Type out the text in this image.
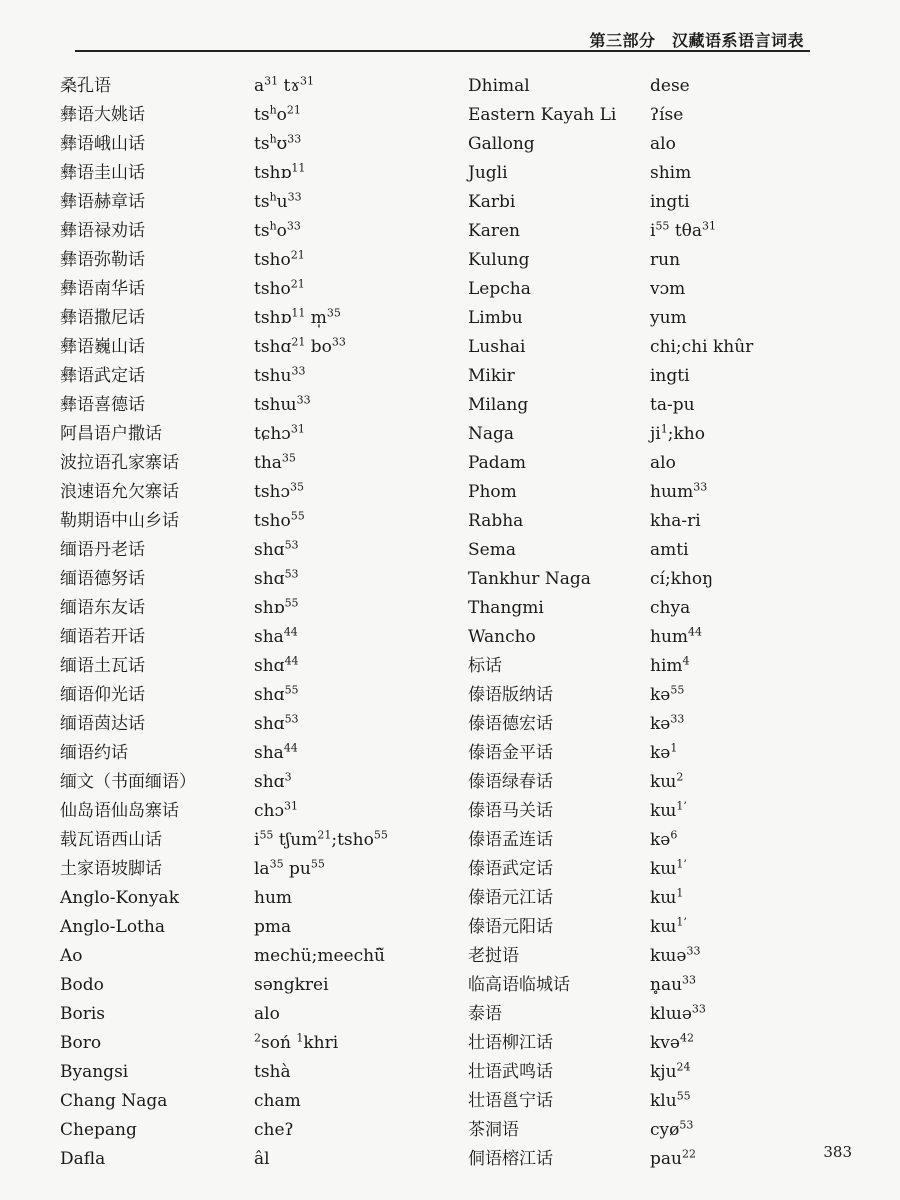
第三部分　汉藏语系语言词表
桑孔语
彝语大姚话
彝语峨山话
彝语圭山话
彝语赫章话
彝语禄劝话
彝语弥勒话
彝语南华话
彝语撒尼话
彝语巍山话
彝语武定话
彝语喜德话
阿昌语户撒话
波拉语孔家寨话
浪速语允欠寨话
勒期语中山乡话
缅语丹老话
缅语德努话
缅语东友话
缅语若开话
缅语土瓦话
缅语仰光话
缅语茵达话
缅语约话
缅文（书面缅语）
仙岛语仙岛寨话
载瓦语西山话
土家语坡脚话
Anglo-Konyak
Anglo-Lotha
Ao
Bodo
Boris
Boro
Byangsi
Chang Naga
Chepang
Dafla
$a^{31}$ tɤ$^{31}$
$ts^ho^{21}$
$ts^hʊ^{33}$
tshɒ$^{11}$
$ts^hu^{33}$
$ts^ho^{33}$
tsho$^{21}$
tsho$^{21}$
tshɒ$^{11}$ m̩$^{35}$
tshɑ$^{21}$ $bo^{33}$
tshu$^{33}$
tshɯ$^{33}$
tɕhɔ$^{31}$
tha$^{35}$
tshɔ$^{35}$
tsho$^{55}$
shɑ$^{53}$
shɑ$^{53}$
shɒ$^{55}$
sha$^{44}$
shɑ$^{44}$
shɑ$^{55}$
shɑ$^{53}$
sha$^{44}$
shɑ$^3$
chɔ$^{31}$
$i^{55}$ tʃum$^{21}$;tsho$^{55}$
$la^{35}$ $pu^{55}$
hum
pma
mechü;meechü̃
səngkrei
alo
$^2$soń $^1$khri
tshà
cham
cheʔ
âl
Dhimal
Eastern Kayah Li
Gallong
Jugli
Karbi
Karen
Kulung
Lepcha
Limbu
Lushai
Mikir
Milang
Naga
Padam
Phom
Rabha
Sema
Tankhur Naga
Thangmi
Wancho
标话
傣语版纳话
傣语德宏话
傣语金平话
傣语绿春话
傣语马关话
傣语孟连话
傣语武定话
傣语元江话
傣语元阳话
老挝语
临高语临城话
泰语
壮语柳江话
壮语武鸣话
壮语邕宁话
茶洞语
侗语榕江话
dese
ʔíse
alo
shim
ingti
$i^{55}$ tθa$^{31}$
run
vɔm
yum
chi;chi khûr
ingti
ta-pu
$ji^1;kho$
alo
hɯm$^{33}$
kha-ri
amti
cí;khoŋ
chya
hum$^{44}$
him$^4$
kə$^{55}$
kə$^{33}$
kə$^1$
kɯ$^2$
kɯ$^{1’}$
kə$^6$
kɯ$^{1’}$
kɯ$^1$
kɯ$^{1’}$
kɯə$^{33}$
$n̥au^{33}$
klɯə$^{33}$
kvə$^{42}$
kju$^{24}$
klu$^{55}$
cyø$^{53}$
pau$^{22}$	383
